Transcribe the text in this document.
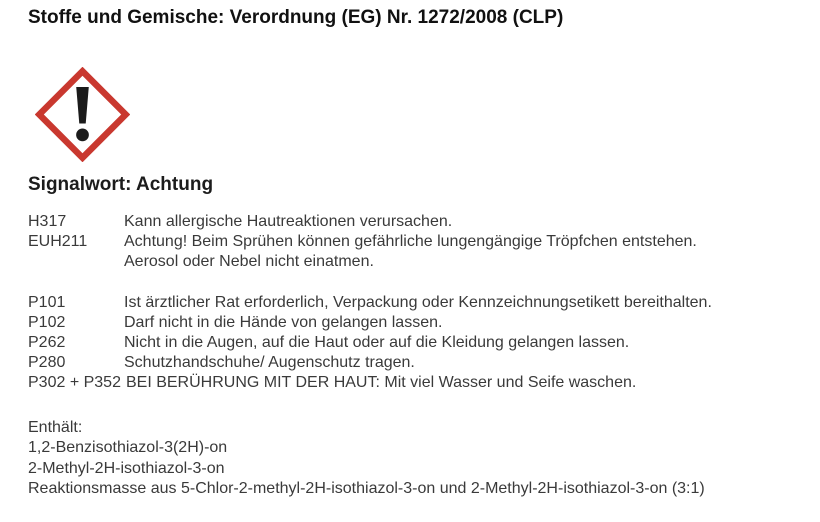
Stoffe und Gemische: Verordnung (EG) Nr. 1272/2008 (CLP)
Signalwort: Achtung
H317	Kann allergische Hautreaktionen verursachen.
EUH211	Achtung! Beim Sprühen können gefährliche lungengängige Tröpfchen entstehen.
Aerosol oder Nebel nicht einatmen.
P101	Ist ärztlicher Rat erforderlich, Verpackung oder Kennzeichnungsetikett bereithalten.
P102	Darf nicht in die Hände von gelangen lassen.
P262	Nicht in die Augen, auf die Haut oder auf die Kleidung gelangen lassen.
P280	Schutzhandschuhe/ Augenschutz tragen.
P302 + P352 BEI BERÜHRUNG MIT DER HAUT: Mit viel Wasser und Seife waschen.
Enthält:
1,2-Benzisothiazol-3(2H)-on
2-Methyl-2H-isothiazol-3-on
Reaktionsmasse aus 5-Chlor-2-methyl-2H-isothiazol-3-on und 2-Methyl-2H-isothiazol-3-on (3:1)
